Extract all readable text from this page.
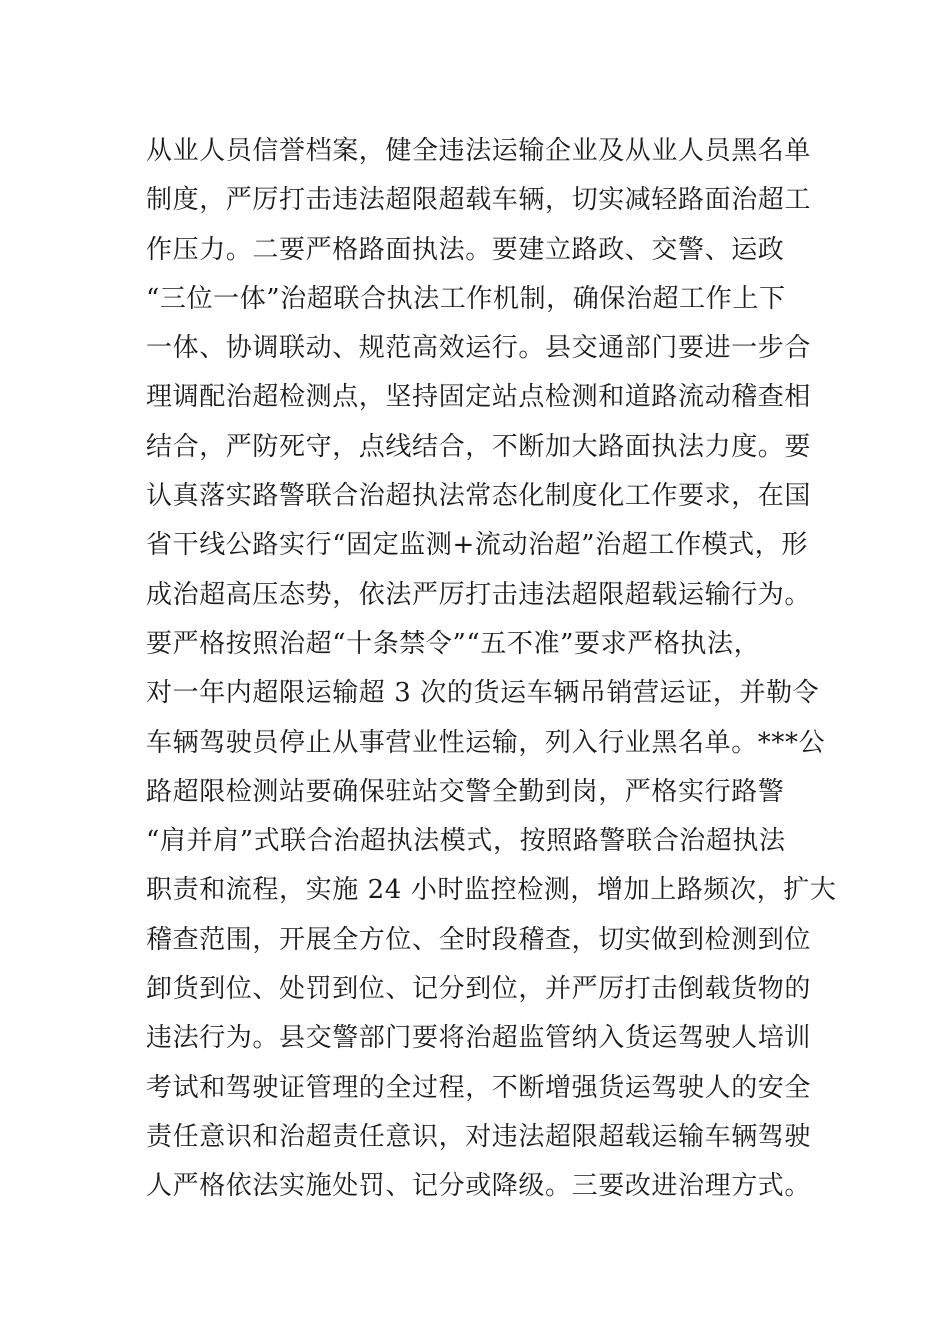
从业人员信誉档案，健全违法运输企业及从业人员黑名单
制度，严厉打击违法超限超载车辆，切实减轻路面治超工
作压力。二要严格路面执法。要建立路政、交警、运政
“三位一体”治超联合执法工作机制，确保治超工作上下
一体、协调联动、规范高效运行。县交通部门要进一步合
理调配治超检测点，坚持固定站点检测和道路流动稽查相
结合，严防死守，点线结合，不断加大路面执法力度。要
认真落实路警联合治超执法常态化制度化工作要求，在国
省干线公路实行“固定监测+流动治超”治超工作模式，形
成治超高压态势，依法严厉打击违法超限超载运输行为。
要严格按照治超“十条禁令”“五不准”要求严格执法，
对一年内超限运输超 3 次的货运车辆吊销营运证，并勒令
车辆驾驶员停止从事营业性运输，列入行业黑名单。***公
路超限检测站要确保驻站交警全勤到岗，严格实行路警
“肩并肩”式联合治超执法模式，按照路警联合治超执法
职责和流程，实施 24 小时监控检测，增加上路频次，扩大
稽查范围，开展全方位、全时段稽查，切实做到检测到位
卸货到位、处罚到位、记分到位，并严厉打击倒载货物的
违法行为。县交警部门要将治超监管纳入货运驾驶人培训
考试和驾驶证管理的全过程，不断增强货运驾驶人的安全
责任意识和治超责任意识，对违法超限超载运输车辆驾驶
人严格依法实施处罚、记分或降级。三要改进治理方式。
